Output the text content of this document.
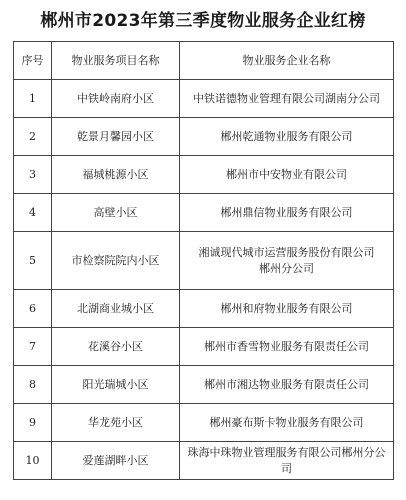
郴州市2023年第三季度物业服务企业红榜
序号	物业服务项目名称	物业服务企业名称
1	中铁岭南府小区	中铁诺德物业管理有限公司湖南分公司

2	乾景月馨园小区	郴州乾通物业服务有限公司

3	福城桃源小区	郴州市中安物业有限公司

4	高壁小区	郴州鼎信物业服务有限公司

5	市检察院院内小区	湘诚现代城市运营服务股份有限公司
郴州分公司

6	北湖商业城小区	郴州和府物业服务有限公司

7	花溪谷小区	郴州市香雪物业服务有限责任公司

8	阳光瑞城小区	郴州市湘达物业服务有限责任公司

9	华龙苑小区	郴州豪布斯卡物业服务有限公司

10	爱莲湖畔小区	珠海中珠物业管理服务有限公司郴州分公司
